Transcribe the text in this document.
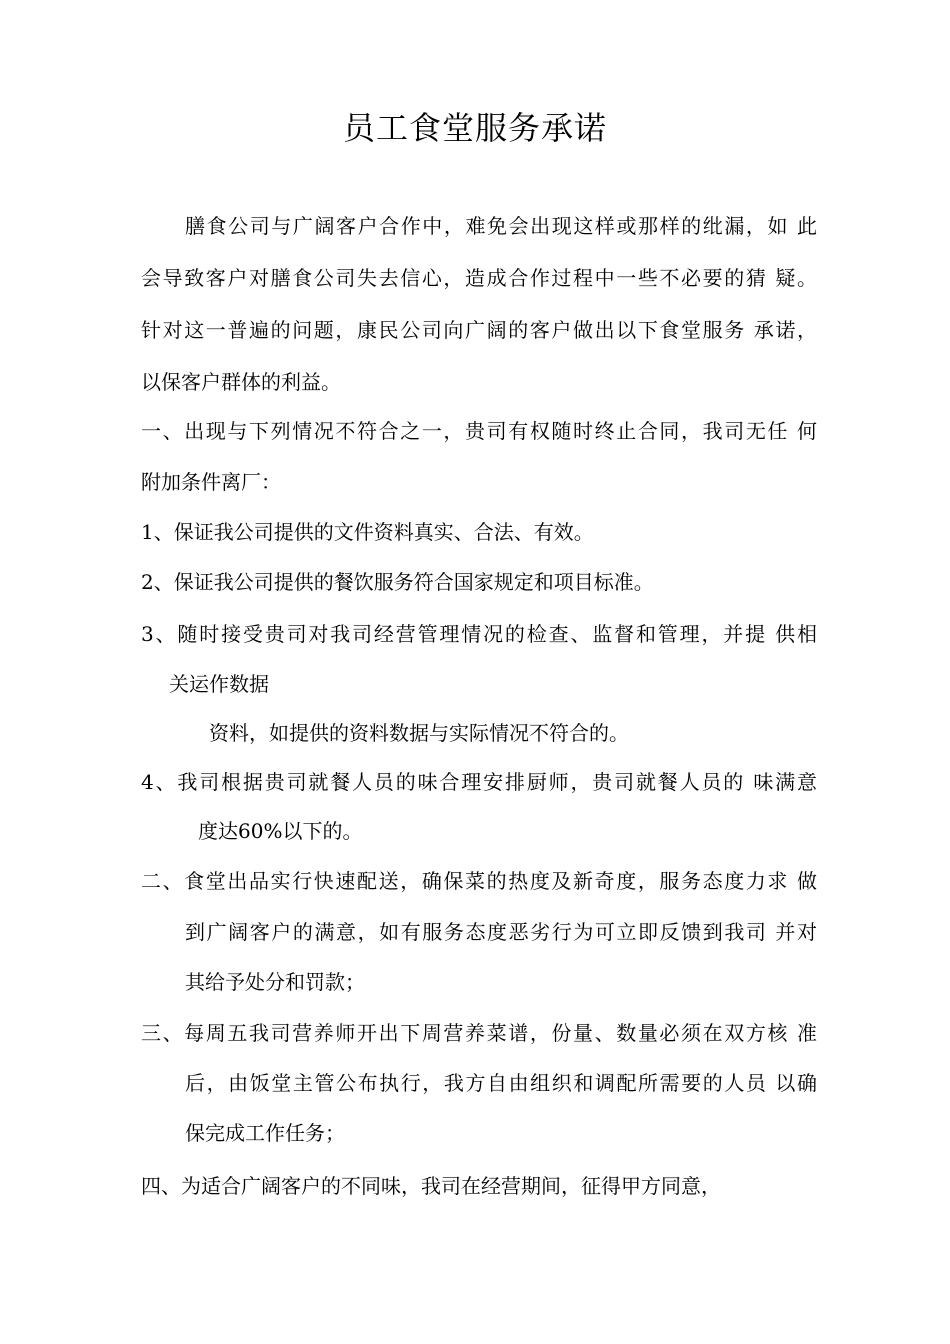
员工食堂服务承诺
膳食公司与广阔客户合作中，难免会出现这样或那样的纰漏，如 此
会导致客户对膳食公司失去信心，造成合作过程中一些不必要的猜 疑。
针对这一普遍的问题，康民公司向广阔的客户做出以下食堂服务 承诺，
以保客户群体的利益。
一、出现与下列情况不符合之一，贵司有权随时终止合同，我司无任 何
附加条件离厂：
1、保证我公司提供的文件资料真实、合法、有效。
2、保证我公司提供的餐饮服务符合国家规定和项目标准。
3、随时接受贵司对我司经营管理情况的检查、监督和管理，并提 供相
关运作数据
资料，如提供的资料数据与实际情况不符合的。
4、我司根据贵司就餐人员的味合理安排厨师，贵司就餐人员的 味满意
度达60%以下的。
二、食堂出品实行快速配送，确保菜的热度及新奇度，服务态度力求 做
到广阔客户的满意，如有服务态度恶劣行为可立即反馈到我司 并对
其给予处分和罚款；
三、每周五我司营养师开出下周营养菜谱，份量、数量必须在双方核 准
后，由饭堂主管公布执行，我方自由组织和调配所需要的人员 以确
保完成工作任务；
四、为适合广阔客户的不同味，我司在经营期间，征得甲方同意，
